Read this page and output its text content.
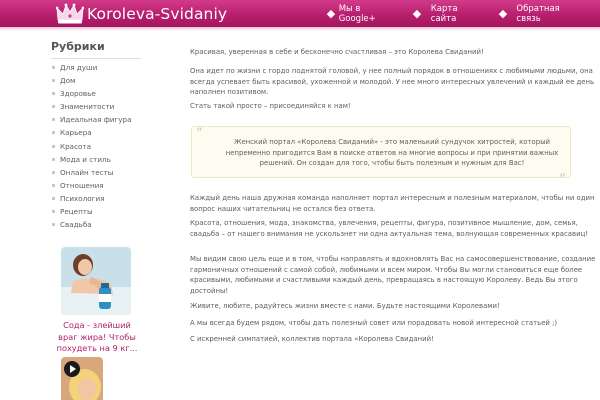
Koroleva-Svidaniy	Мы в Google+
Карта сайта
Обратная связь
Рубрики
Для души
Дом
Здоровье
Знаменитости
Идеальная фигура
Карьера
Красота
Мода и стиль
Онлайн тесты
Отношения
Психология
Рецепты
Свадьба
Сода - злейший враг жира! Чтобы похудеть на 9 кг...

Красивая, уверенная в себе и бесконечно счастливая – это Королева Свиданий!

Она идет по жизни с гордо поднятой головой, у нее полный порядок в отношениях с любимыми людьми, она всегда успевает быть красивой, ухоженной и молодой. У нее много интересных увлечений и каждый ее день наполнен позитивом.

Стать такой просто – присоединяйся к нам!

“

Женский портал «Королева Свиданий» - это маленький сундучок хитростей, который непременно пригодится Вам в поиске ответов на многие вопросы и при принятии важных решений. Он создан для того, чтобы быть полезным и нужным для Вас!

„

Каждый день наша дружная команда наполняет портал интересным и полезным материалом, чтобы ни один вопрос наших читательниц не остался без ответа.

Красота, отношения, мода, знакомства, увлечения, рецепты, фигура, позитивное мышление, дом, семья, свадьба – от нашего внимания не ускользнет ни одна актуальная тема, волнующая современных красавиц!

Мы видим свою цель еще и в том, чтобы направлять и вдохновлять Вас на самосовершенствование, создание гармоничных отношений с самой собой, любимыми и всем миром. Чтобы Вы могли становиться еще более красивыми, любимыми и счастливыми каждый день, превращаясь в настоящую Королеву. Ведь Вы этого достойны!

Живите, любите, радуйтесь жизни вместе с нами. Будьте настоящими Королевами!

А мы всегда будем рядом, чтобы дать полезный совет или порадовать новой интересной статьей ;)

С искренней симпатией, коллектив портала «Королева Свиданий!
